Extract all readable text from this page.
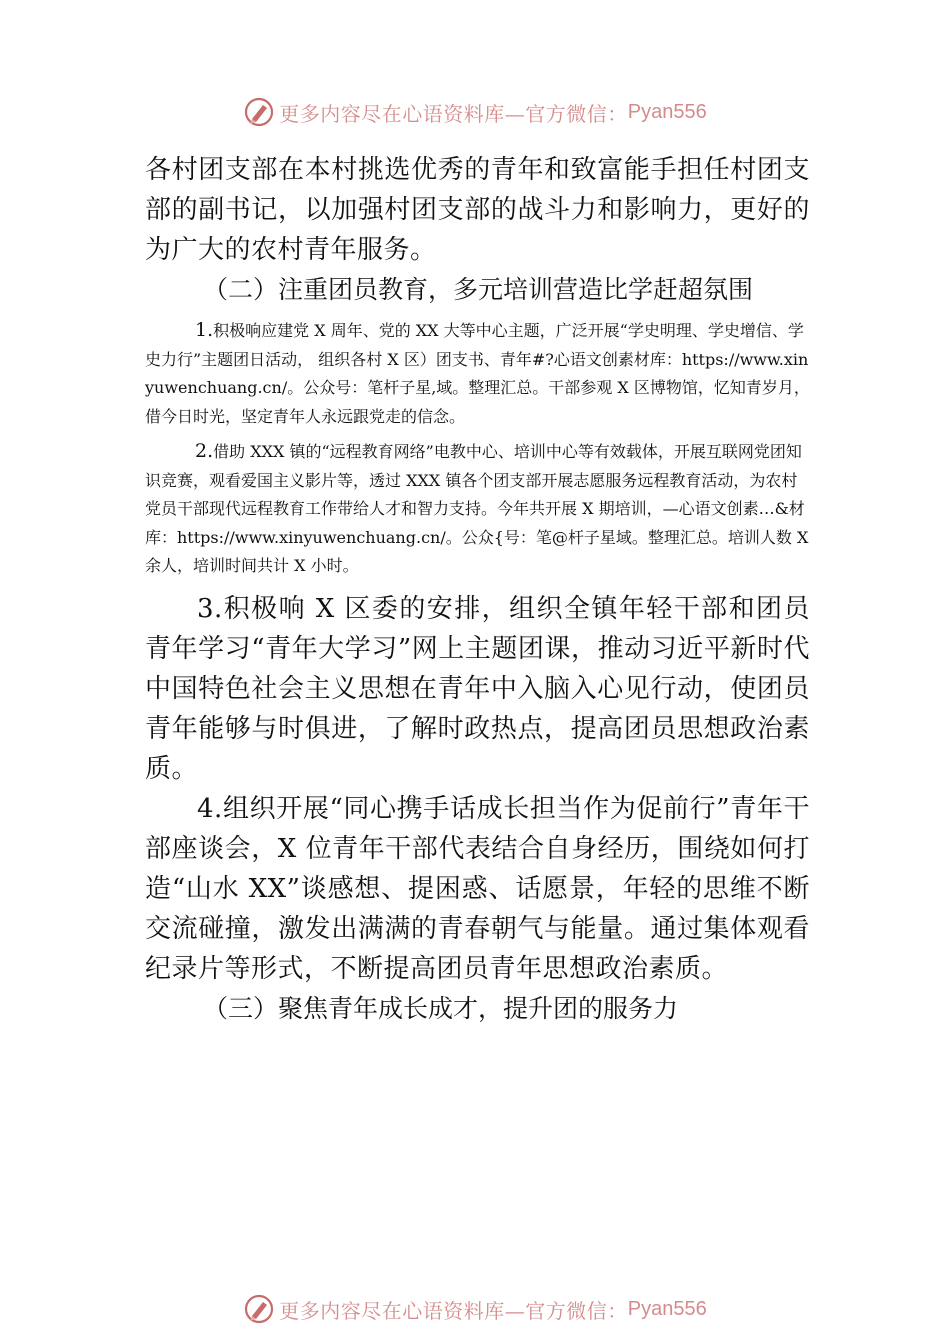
更多内容尽在心语资料库—官方微信： Pyan556

各村团支部在本村挑选优秀的青年和致富能手担任村团支部的副书记，以加强村团支部的战斗力和影响力，更好的为广大的农村青年服务。

（二）注重团员教育，多元培训营造比学赶超氛围

1.积极响应建党 X 周年、党的 XX 大等中心主题，广泛开展“学史明理、学史增信、学史力行”主题团日活动， 组织各村 X 区）团支书、青年#?心语文创素材库：https://www.xinyuwenchuang.cn/。公众号：笔杆子星,域。整理汇总。干部参观 X 区博物馆，忆知青岁月，借今日时光，坚定青年人永远跟党走的信念。

2.借助 XXX 镇的“远程教育网络”电教中心、培训中心等有效载体，开展互联网党团知识竞赛，观看爱国主义影片等，透过 XXX 镇各个团支部开展志愿服务远程教育活动，为农村党员干部现代远程教育工作带给人才和智力支持。今年共开展 X 期培训，—心语文创素…&材库：https://www.xinyuwenchuang.cn/。公众{号：笔@杆子星域。整理汇总。培训人数 X 余人，培训时间共计 X 小时。

3.积极响 X 区委的安排，组织全镇年轻干部和团员青年学习“青年大学习”网上主题团课，推动习近平新时代中国特色社会主义思想在青年中入脑入心见行动，使团员青年能够与时俱进，了解时政热点，提高团员思想政治素质。

4.组织开展“同心携手话成长担当作为促前行”青年干部座谈会，X 位青年干部代表结合自身经历，围绕如何打造“山水 XX”谈感想、提困惑、话愿景，年轻的思维不断交流碰撞，激发出满满的青春朝气与能量。通过集体观看纪录片等形式，不断提高团员青年思想政治素质。

（三）聚焦青年成长成才，提升团的服务力

更多内容尽在心语资料库—官方微信： Pyan556
